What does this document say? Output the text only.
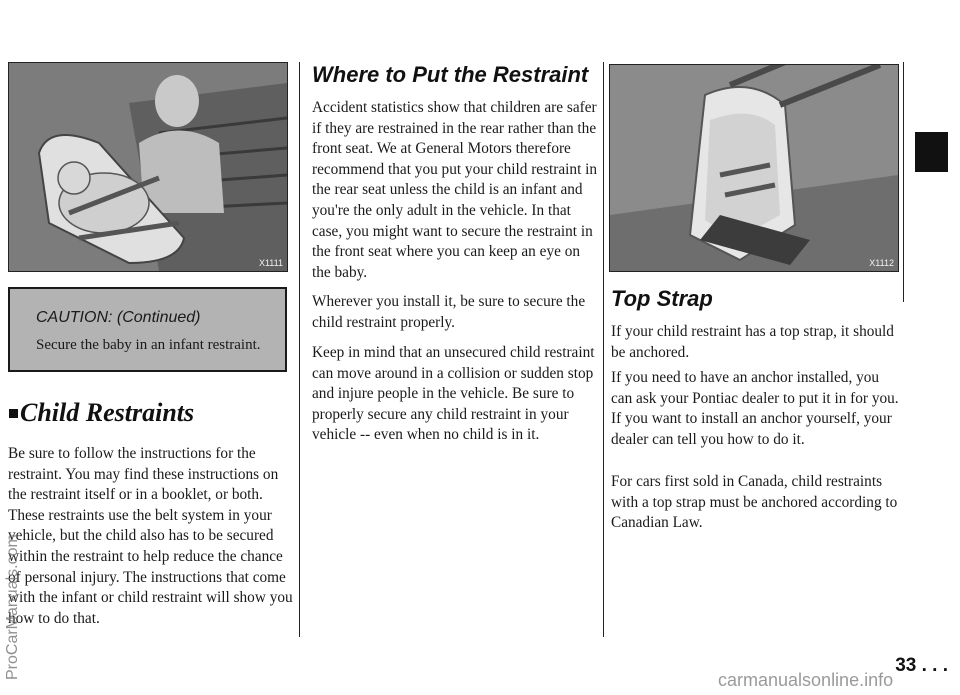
X1111
CAUTION: (Continued)
Secure the baby in an infant restraint.
Child Restraints

Be sure to follow the instructions for the restraint. You may find these instructions on the restraint itself or in a booklet, or both. These restraints use the belt system in your vehicle, but the child also has to be secured within the restraint to help reduce the chance of personal injury. The instructions that come with the infant or child restraint will show you how to do that.

Where to Put the Restraint

Accident statistics show that children are safer if they are restrained in the rear rather than the front seat. We at General Motors therefore recommend that you put your child restraint in the rear seat unless the child is an infant and you're the only adult in the vehicle. In that case, you might want to secure the restraint in the front seat where you can keep an eye on the baby.

Wherever you install it, be sure to secure the child restraint properly.

Keep in mind that an unsecured child restraint can move around in a collision or sudden stop and injure people in the vehicle. Be sure to properly secure any child restraint in your vehicle -- even when no child is in it.

X1112
Top Strap

If your child restraint has a top strap, it should be anchored.

If you need to have an anchor installed, you can ask your Pontiac dealer to put it in for you. If you want to install an anchor yourself, your dealer can tell you how to do it.

For cars first sold in Canada, child restraints with a top strap must be anchored according to Canadian Law.

33 . . .
ProCarManuals.com	carmanualsonline.info
